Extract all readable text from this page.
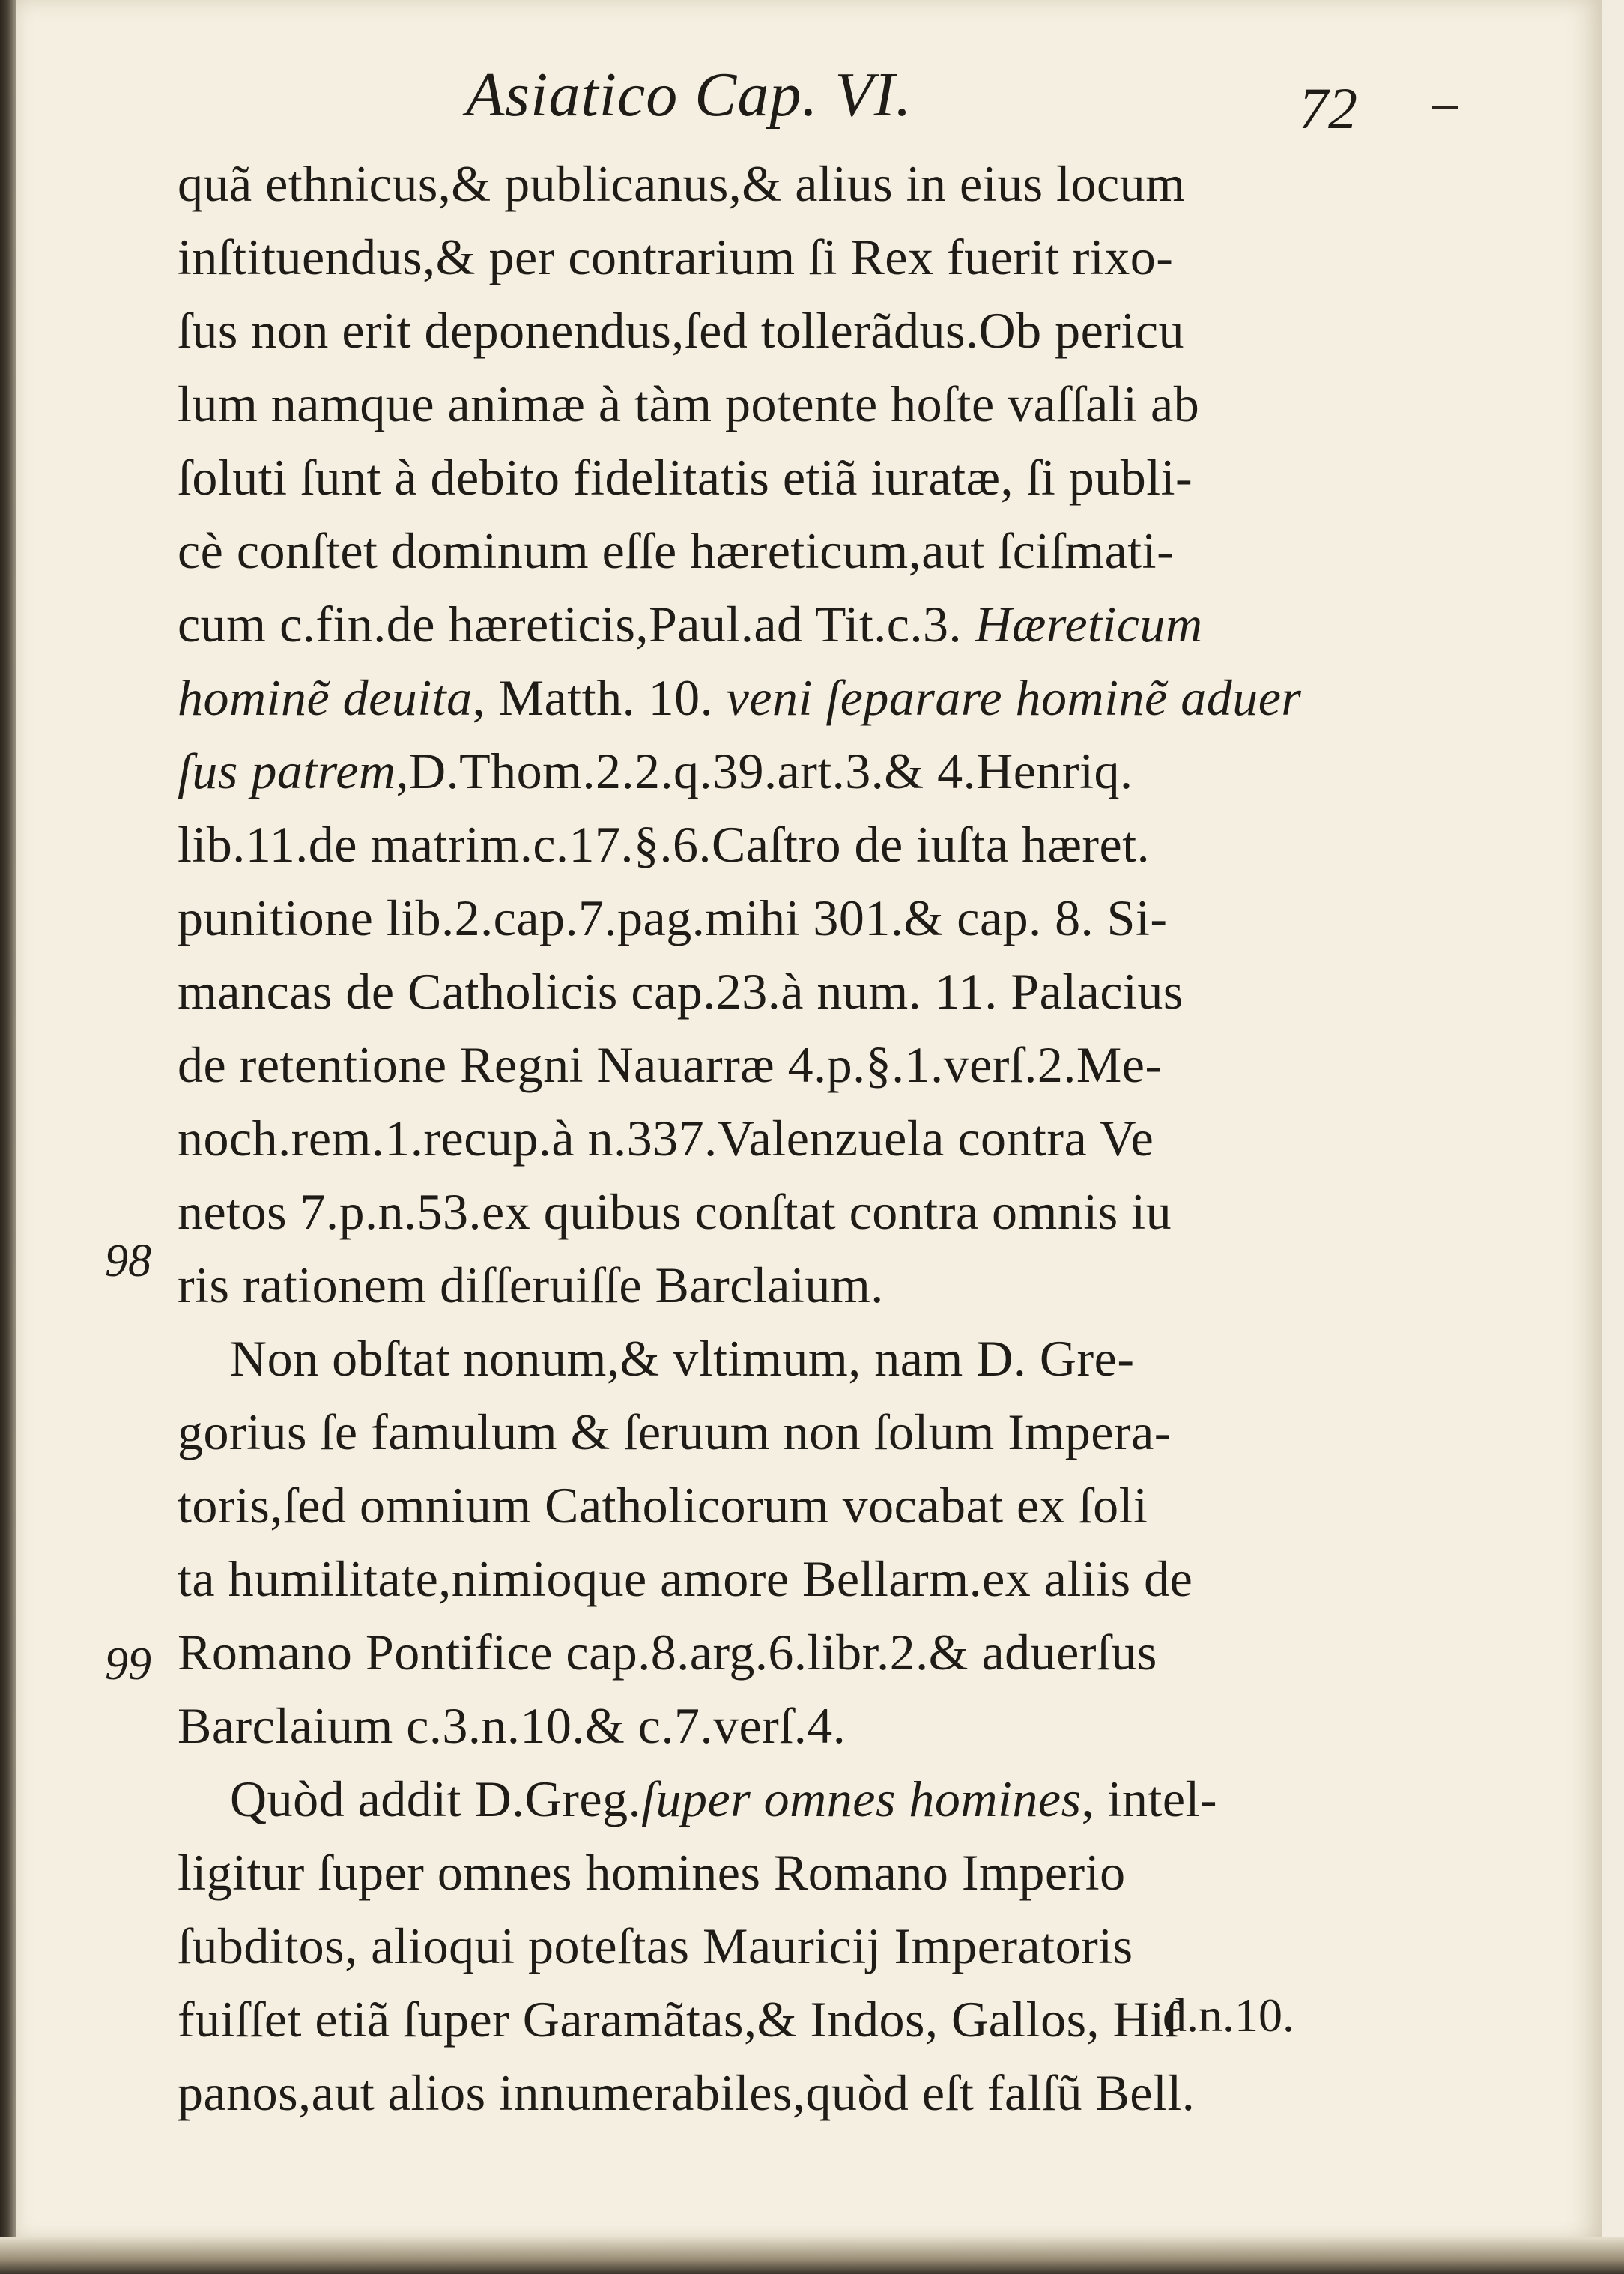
Asiatico Cap. VI.	72
98
99
quã ethnicus,& publicanus,& alius in eius locum
inſtituendus,& per contrarium ſi Rex fuerit rixo-
ſus non erit deponendus,ſed tollerãdus.Ob pericu
lum namque animæ à tàm potente hoſte vaſſali ab
ſoluti ſunt à debito fidelitatis etiã iuratæ, ſi publi-
cè conſtet dominum eſſe hæreticum,aut ſciſmati-
cum c.fin.de hæreticis,Paul.ad Tit.c.3. Hæreticum
hominẽ deuita, Matth. 10. veni ſeparare hominẽ aduer
ſus patrem,D.Thom.2.2.q.39.art.3.& 4.Henriq.
lib.11.de matrim.c.17.§.6.Caſtro de iuſta hæret.
punitione lib.2.cap.7.pag.mihi 301.& cap. 8. Si-
mancas de Catholicis cap.23.à num. 11. Palacius
de retentione Regni Nauarræ 4.p.§.1.verſ.2.Me-
noch.rem.1.recup.à n.337.Valenzuela contra Ve
netos 7.p.n.53.ex quibus conſtat contra omnis iu
ris rationem diſſeruiſſe Barclaium.
Non obſtat nonum,& vltimum, nam D. Gre-
gorius ſe famulum & ſeruum non ſolum Impera-
toris,ſed omnium Catholicorum vocabat ex ſoli
ta humilitate,nimioque amore Bellarm.ex aliis de
Romano Pontifice cap.8.arg.6.libr.2.& aduerſus
Barclaium c.3.n.10.& c.7.verſ.4.
Quòd addit D.Greg.ſuper omnes homines, intel-
ligitur ſuper omnes homines Romano Imperio
ſubditos, alioqui poteſtas Mauricij Imperatoris
fuiſſet etiã ſuper Garamãtas,& Indos, Gallos, Hiſ
panos,aut alios innumerabiles,quòd eſt falſũ Bell.
d.n.10.
